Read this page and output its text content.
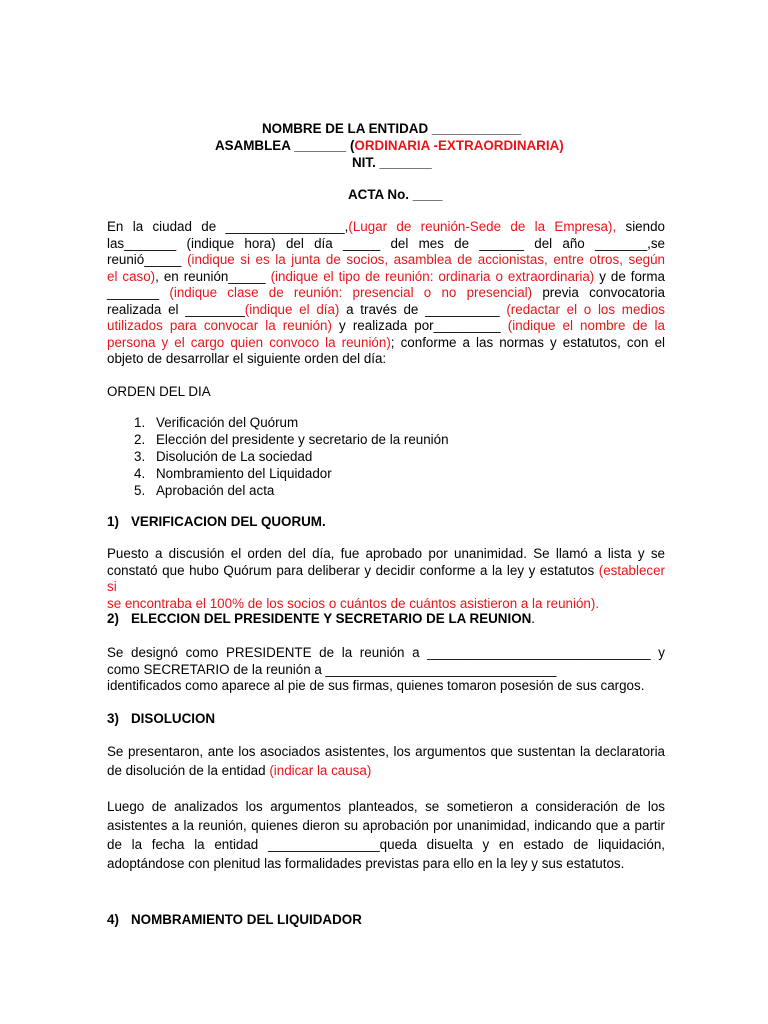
NOMBRE DE LA ENTIDAD ____________
ASAMBLEA _______ (ORDINARIA -EXTRAORDINARIA)
NIT. _______
ACTA No. ____
En la ciudad de ________________,(Lugar de reunión-Sede de la Empresa), siendo
las_______ (indique hora) del día _____ del mes de ______ del año _______,se
reunió_____ (indique si es la junta de socios, asamblea de accionistas, entre otros, según
el caso), en reunión_____ (indique el tipo de reunión: ordinaria o extraordinaria) y de forma
_______ (indique clase de reunión: presencial o no presencial) previa convocatoria
realizada el ________(indique el día) a través de __________ (redactar el o los medios
utilizados para convocar la reunión) y realizada por_________ (indique el nombre de la
persona y el cargo quien convoco la reunión); conforme a las normas y estatutos, con el
objeto de desarrollar el siguiente orden del día:
ORDEN DEL DIA
1. Verificación del Quórum
2. Elección del presidente y secretario de la reunión
3. Disolución de La sociedad
4. Nombramiento del Liquidador
5. Aprobación del acta
1) VERIFICACION DEL QUORUM.
Puesto a discusión el orden del día, fue aprobado por unanimidad. Se llamó a lista y se
constató que hubo Quórum para deliberar y decidir conforme a la ley y estatutos (establecer si
se encontraba el 100% de los socios o cuántos de cuántos asistieron a la reunión).
2) ELECCION DEL PRESIDENTE Y SECRETARIO DE LA REUNION.
Se designó como PRESIDENTE de la reunión a ______________________________ y
como SECRETARIO de la reunión a _______________________________
identificados como aparece al pie de sus firmas, quienes tomaron posesión de sus cargos.
3) DISOLUCION
Se presentaron, ante los asociados asistentes, los argumentos que sustentan la declaratoria
de disolución de la entidad (indicar la causa)
Luego de analizados los argumentos planteados, se sometieron a consideración de los
asistentes a la reunión, quienes dieron su aprobación por unanimidad, indicando que a partir
de la fecha la entidad _______________queda disuelta y en estado de liquidación,
adoptándose con plenitud las formalidades previstas para ello en la ley y sus estatutos.
4) NOMBRAMIENTO DEL LIQUIDADOR
